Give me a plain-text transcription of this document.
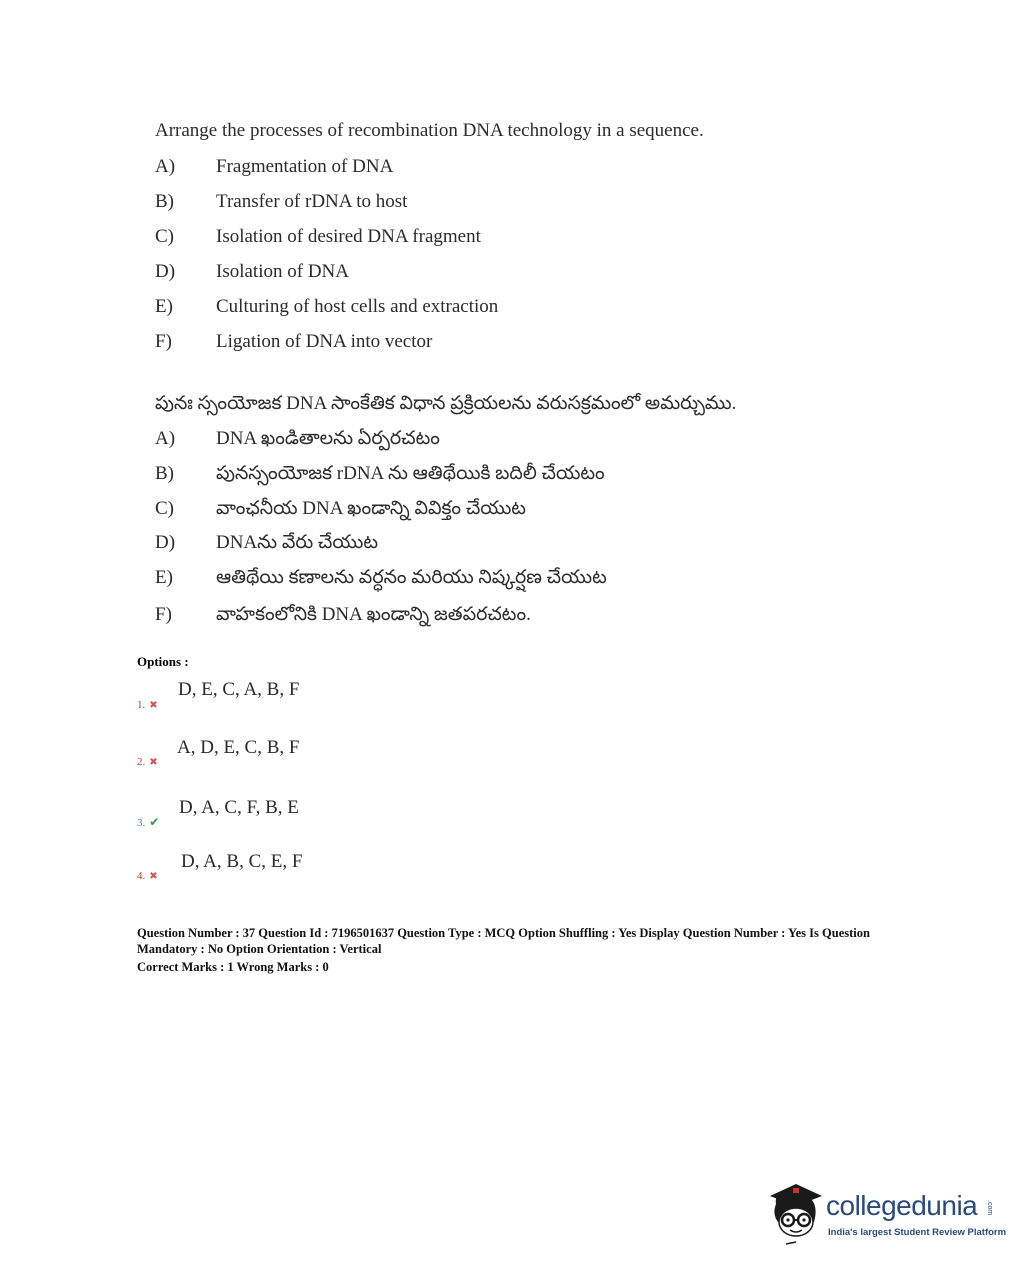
Arrange the processes of recombination DNA technology in a sequence.
A) Fragmentation of DNA
B) Transfer of rDNA to host
C) Isolation of desired DNA fragment
D) Isolation of DNA
E) Culturing of host cells and extraction
F) Ligation of DNA into vector
పునః స్సంయోజక DNA సాంకేతిక విధాన ప్రక్రియలను వరుసక్రమంలో అమర్చుము.
A) DNA ఖండితాలను ఏర్పరచటం
B) పునస్సంయోజక rDNA ను ఆతిథేయికి బదిలీ చేయటం
C) వాంఛనీయ DNA ఖండాన్ని వివిక్తం చేయుట
D) DNAను వేరు చేయుట
E) ఆతిథేయి కణాలను వర్ధనం మరియు నిష్కర్షణ చేయుట
F) వాహకంలోనికి DNA ఖండాన్ని జతపరచటం.
Options :
D, E, C, A, B, F
1. ✖
A, D, E, C, B, F
2. ✖
D, A, C, F, B, E
3. ✔
D, A, B, C, E, F
4. ✖
Question Number : 37 Question Id : 7196501637 Question Type : MCQ Option Shuffling : Yes Display Question Number : Yes Is Question Mandatory : No Option Orientation : Vertical
Correct Marks : 1 Wrong Marks : 0
collegedunia .com
India's largest Student Review Platform
